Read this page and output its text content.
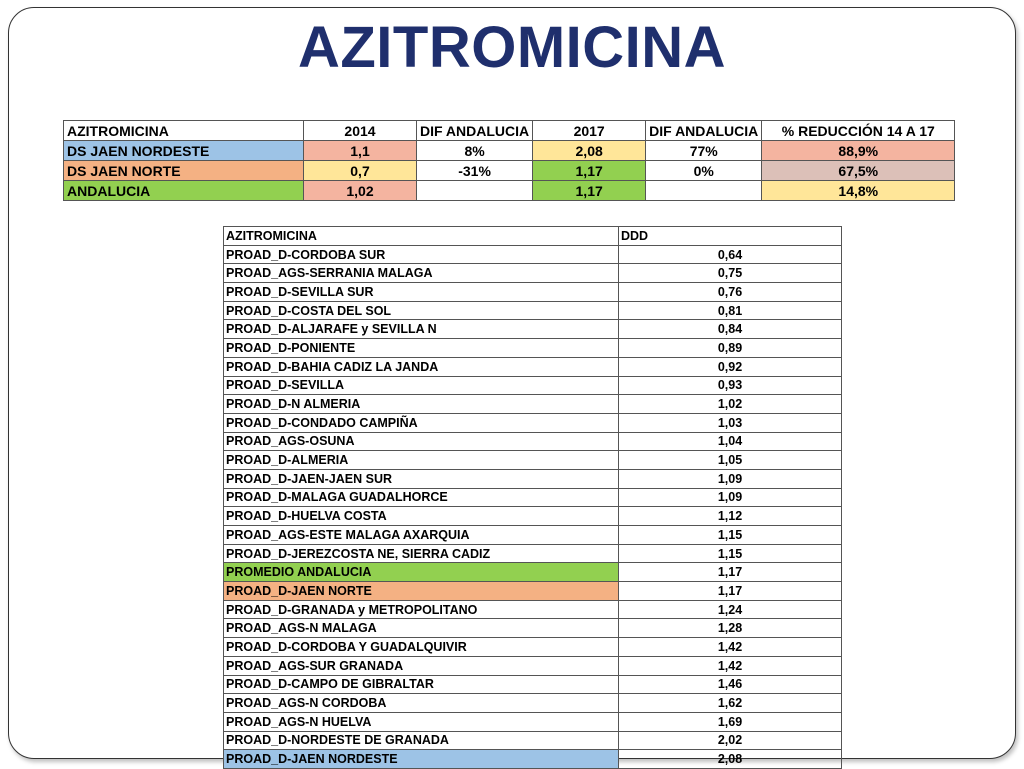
AZITROMICINA
AZITROMICINA	2014	DIF ANDALUCIA	2017	DIF ANDALUCIA	% REDUCCIÓN 14 A 17
DS JAEN NORDESTE	1,1	8%	2,08	77%	88,9%
DS JAEN NORTE	0,7	-31%	1,17	0%	67,5%
ANDALUCIA	1,02		1,17		14,8%
AZITROMICINA	DDD
PROAD_D-CORDOBA SUR	0,64
PROAD_AGS-SERRANIA MALAGA	0,75
PROAD_D-SEVILLA SUR	0,76
PROAD_D-COSTA DEL SOL	0,81
PROAD_D-ALJARAFE y SEVILLA N	0,84
PROAD_D-PONIENTE	0,89
PROAD_D-BAHIA CADIZ LA JANDA	0,92
PROAD_D-SEVILLA	0,93
PROAD_D-N ALMERIA	1,02
PROAD_D-CONDADO CAMPIÑA	1,03
PROAD_AGS-OSUNA	1,04
PROAD_D-ALMERIA	1,05
PROAD_D-JAEN-JAEN SUR	1,09
PROAD_D-MALAGA GUADALHORCE	1,09
PROAD_D-HUELVA COSTA	1,12
PROAD_AGS-ESTE MALAGA AXARQUIA	1,15
PROAD_D-JEREZCOSTA NE, SIERRA CADIZ	1,15
PROMEDIO ANDALUCIA	1,17
PROAD_D-JAEN NORTE	1,17
PROAD_D-GRANADA y METROPOLITANO	1,24
PROAD_AGS-N MALAGA	1,28
PROAD_D-CORDOBA Y GUADALQUIVIR	1,42
PROAD_AGS-SUR GRANADA	1,42
PROAD_D-CAMPO DE GIBRALTAR	1,46
PROAD_AGS-N CORDOBA	1,62
PROAD_AGS-N HUELVA	1,69
PROAD_D-NORDESTE DE GRANADA	2,02
PROAD_D-JAEN NORDESTE	2,08
